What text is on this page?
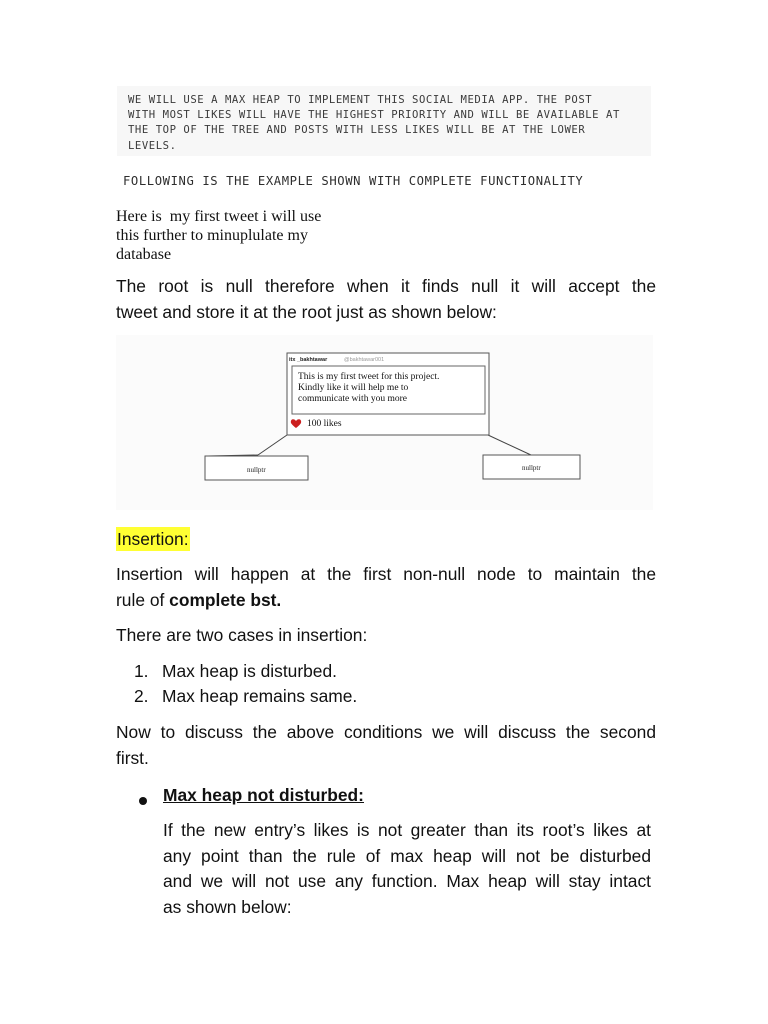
WE WILL USE A MAX HEAP TO IMPLEMENT THIS SOCIAL MEDIA APP. THE POST
WITH MOST LIKES WILL HAVE THE HIGHEST PRIORITY AND WILL BE AVAILABLE AT
THE TOP OF THE TREE AND POSTS WITH LESS LIKES WILL BE AT THE LOWER
LEVELS.
FOLLOWING IS THE EXAMPLE SHOWN WITH COMPLETE FUNCTIONALITY
Here is  my first tweet i will use
this further to minuplulate my
database

The root is null therefore when it finds null it will accept the
tweet and store it at the root just as shown below:

itx _bakhtawar	@bakhtawar001
This is my first tweet for this project.
Kindly like it will help me to
communicate with you more
100 likes
nullptr	nullptr
Insertion:

Insertion will happen at the first non-null node to maintain the
rule of complete bst.

There are two cases in insertion:

1. Max heap is disturbed.
2. Max heap remains same.

Now to discuss the above conditions we will discuss the second
first.

Max heap not disturbed:

If the new entry’s likes is not greater than its root’s likes at
any point than the rule of max heap will not be disturbed
and we will not use any function. Max heap will stay intact
as shown below:
